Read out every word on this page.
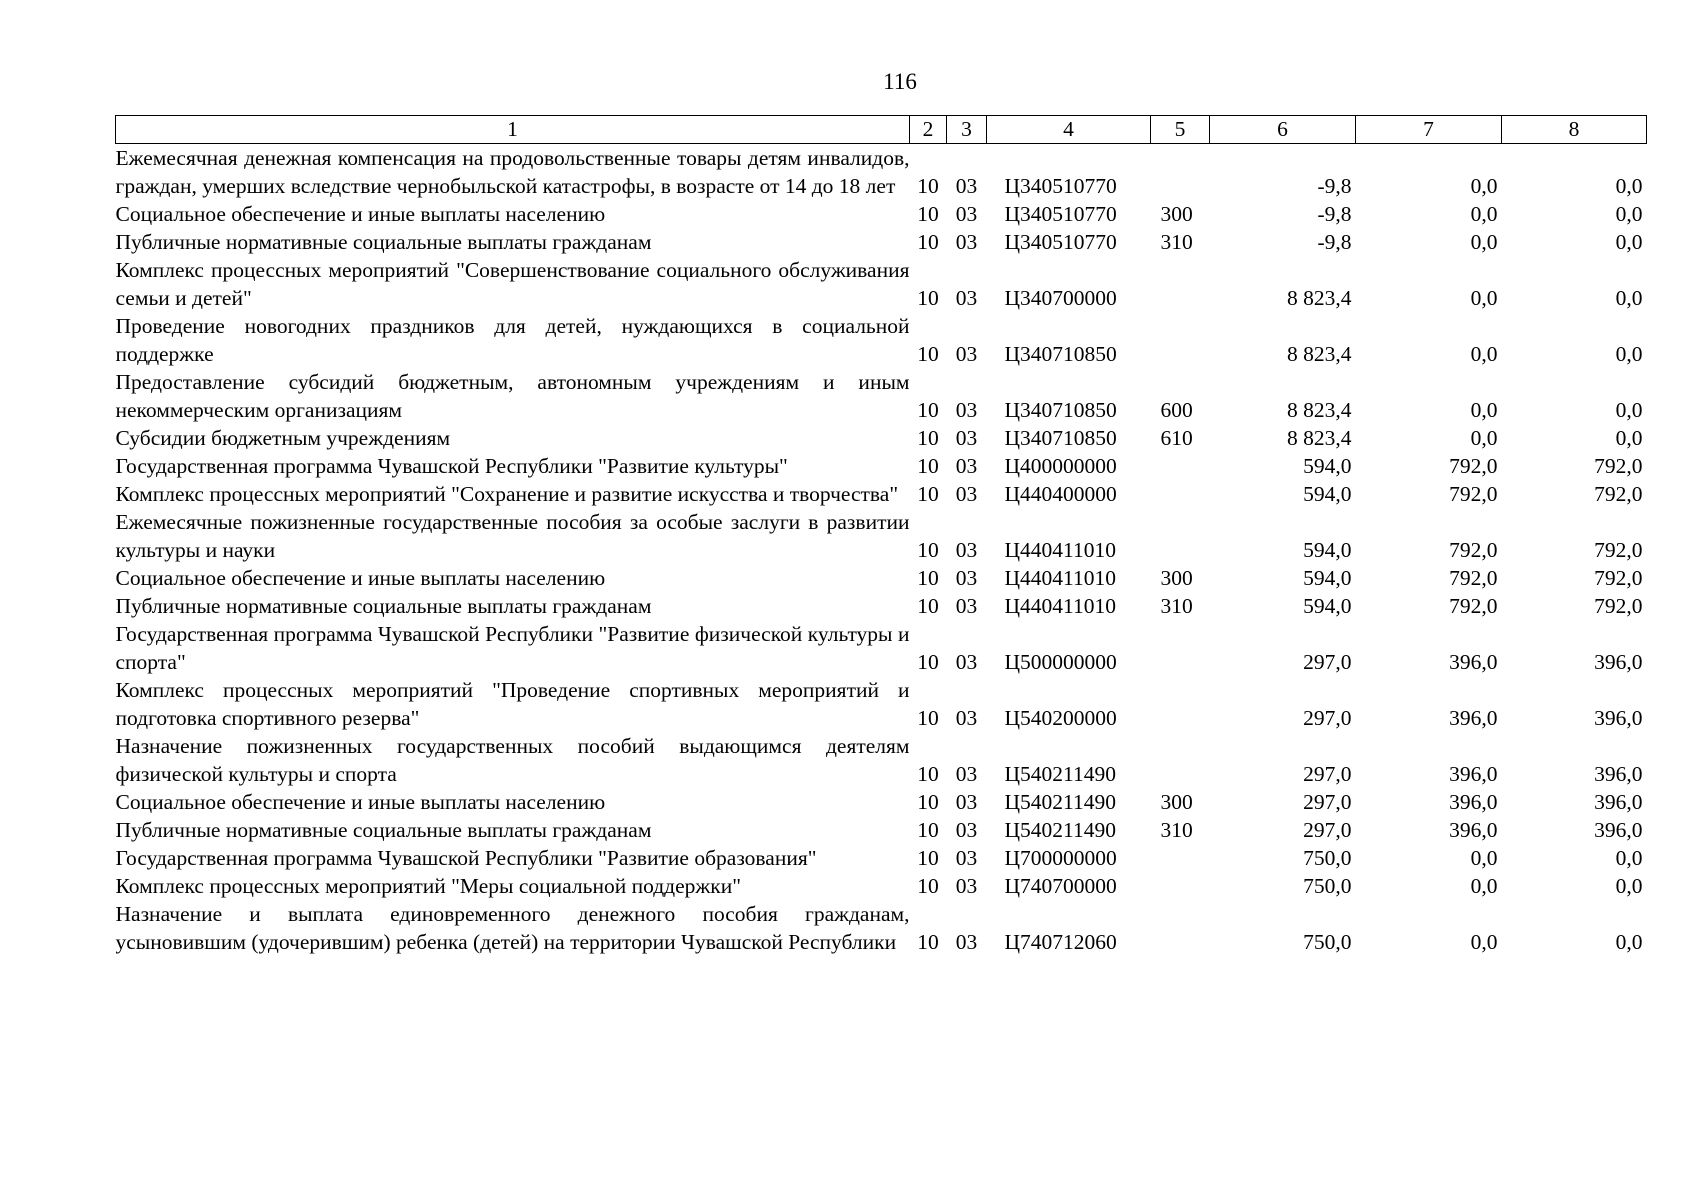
116
1	2	3	4	5	6	7	8
Ежемесячная денежная компенсация на продовольственные товары детям инвалидов, граждан, умерших вследствие чернобыльской катастрофы, в возрасте от 14 до 18 лет	10	03	Ц340510770		-9,8	0,0	0,0
Социальное обеспечение и иные выплаты населению	10	03	Ц340510770	300	-9,8	0,0	0,0
Публичные нормативные социальные выплаты гражданам	10	03	Ц340510770	310	-9,8	0,0	0,0
Комплекс процессных мероприятий "Совершенствование социального обслуживания семьи и детей"	10	03	Ц340700000		8 823,4	0,0	0,0
Проведение новогодних праздников для детей, нуждающихся в социальной поддержке	10	03	Ц340710850		8 823,4	0,0	0,0
Предоставление субсидий бюджетным, автономным учреждениям и иным некоммерческим организациям	10	03	Ц340710850	600	8 823,4	0,0	0,0
Субсидии бюджетным учреждениям	10	03	Ц340710850	610	8 823,4	0,0	0,0
Государственная программа Чувашской Республики "Развитие культуры"	10	03	Ц400000000		594,0	792,0	792,0
Комплекс процессных мероприятий "Сохранение и развитие искусства и творчества"	10	03	Ц440400000		594,0	792,0	792,0
Ежемесячные пожизненные государственные пособия за особые заслуги в развитии культуры и науки	10	03	Ц440411010		594,0	792,0	792,0
Социальное обеспечение и иные выплаты населению	10	03	Ц440411010	300	594,0	792,0	792,0
Публичные нормативные социальные выплаты гражданам	10	03	Ц440411010	310	594,0	792,0	792,0
Государственная программа Чувашской Республики "Развитие физической культуры и спорта"	10	03	Ц500000000		297,0	396,0	396,0
Комплекс процессных мероприятий "Проведение спортивных мероприятий и подготовка спортивного резерва"	10	03	Ц540200000		297,0	396,0	396,0
Назначение пожизненных государственных пособий выдающимся деятелям физической культуры и спорта	10	03	Ц540211490		297,0	396,0	396,0
Социальное обеспечение и иные выплаты населению	10	03	Ц540211490	300	297,0	396,0	396,0
Публичные нормативные социальные выплаты гражданам	10	03	Ц540211490	310	297,0	396,0	396,0
Государственная программа Чувашской Республики "Развитие образования"	10	03	Ц700000000		750,0	0,0	0,0
Комплекс процессных мероприятий "Меры социальной поддержки"	10	03	Ц740700000		750,0	0,0	0,0
Назначение и выплата единовременного денежного пособия гражданам, усыновившим (удочерившим) ребенка (детей) на территории Чувашской Республики	10	03	Ц740712060		750,0	0,0	0,0
